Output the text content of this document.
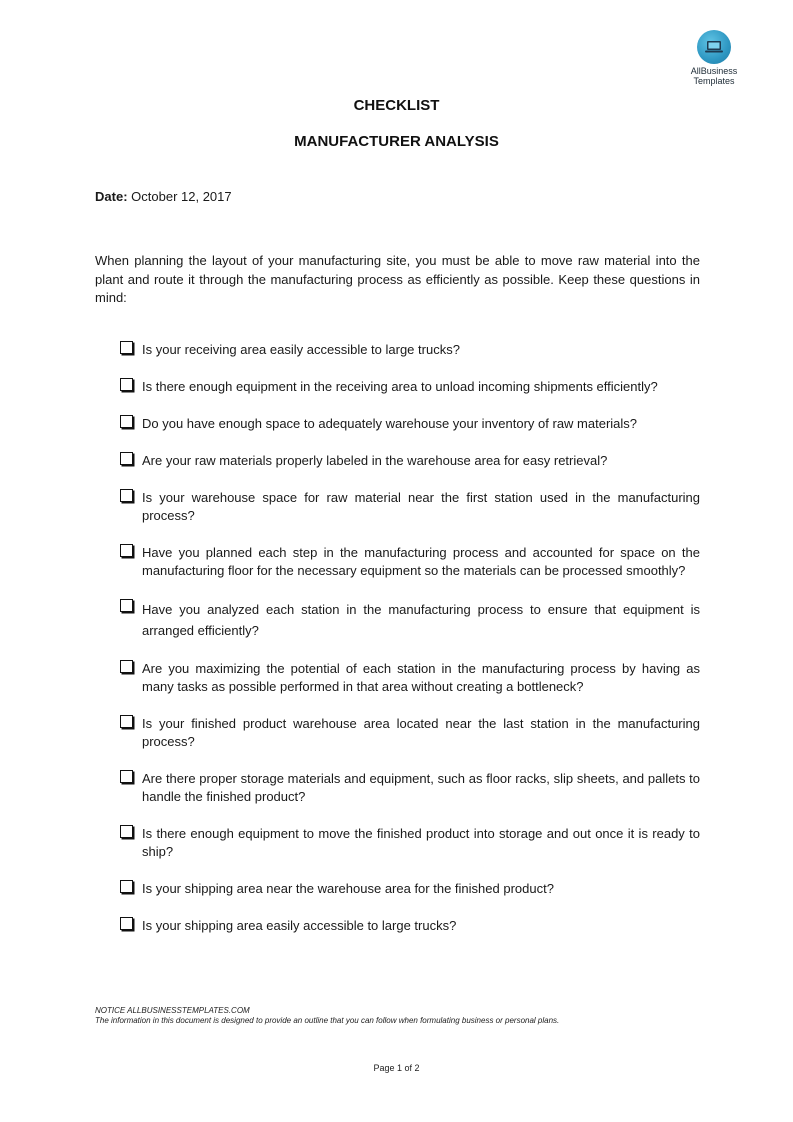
AllBusiness
Templates
CHECKLIST
MANUFACTURER ANALYSIS
Date: October 12, 2017
When planning the layout of your manufacturing site, you must be able to move raw material into the plant and route it through the manufacturing process as efficiently as possible. Keep these questions in mind:
Is your receiving area easily accessible to large trucks?
Is there enough equipment in the receiving area to unload incoming shipments efficiently?
Do you have enough space to adequately warehouse your inventory of raw materials?
Are your raw materials properly labeled in the warehouse area for easy retrieval?
Is your warehouse space for raw material near the first station used in the manufacturing process?
Have you planned each step in the manufacturing process and accounted for space on the manufacturing floor for the necessary equipment so the materials can be processed smoothly?
Have you analyzed each station in the manufacturing process to ensure that equipment is arranged efficiently?
Are you maximizing the potential of each station in the manufacturing process by having as many tasks as possible performed in that area without creating a bottleneck?
Is your finished product warehouse area located near the last station in the manufacturing process?
Are there proper storage materials and equipment, such as floor racks, slip sheets, and pallets to handle the finished product?
Is there enough equipment to move the finished product into storage and out once it is ready to ship?
Is your shipping area near the warehouse area for the finished product?
Is your shipping area easily accessible to large trucks?
NOTICE ALLBUSINESSTEMPLATES.COM
The information in this document is designed to provide an outline that you can follow when formulating business or personal plans.
Page 1 of 2
